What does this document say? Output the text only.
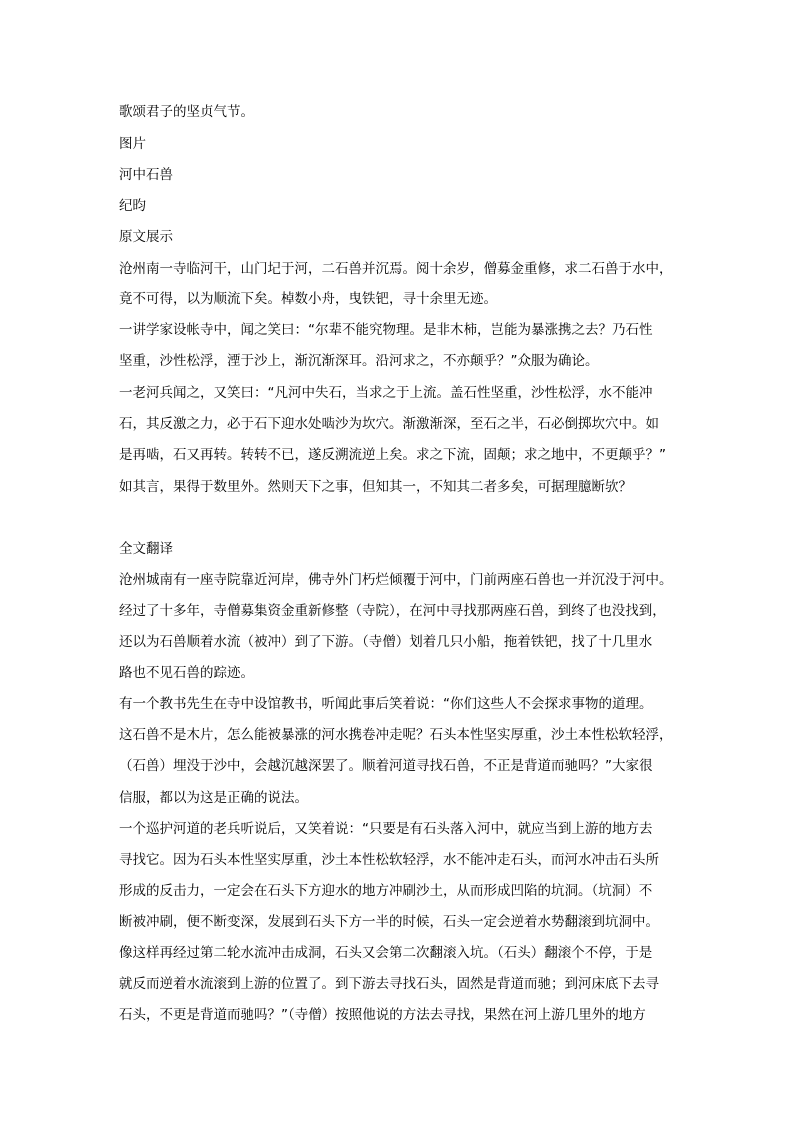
歌颂君子的坚贞气节。
图片
河中石兽
纪昀
原文展示
沧州南一寺临河干，山门圮于河，二石兽并沉焉。阅十余岁，僧募金重修，求二石兽于水中，
竟不可得，以为顺流下矣。棹数小舟，曳铁钯，寻十余里无迹。
一讲学家设帐寺中，闻之笑曰：“尔辈不能究物理。是非木柿，岂能为暴涨携之去？乃石性
坚重，沙性松浮，湮于沙上，渐沉渐深耳。沿河求之，不亦颠乎？”众服为确论。
一老河兵闻之，又笑曰：“凡河中失石，当求之于上流。盖石性坚重，沙性松浮，水不能冲
石，其反激之力，必于石下迎水处啮沙为坎穴。渐激渐深，至石之半，石必倒掷坎穴中。如
是再啮，石又再转。转转不已，遂反溯流逆上矣。求之下流，固颠；求之地中，不更颠乎？”
如其言，果得于数里外。然则天下之事，但知其一，不知其二者多矣，可据理臆断欤？
全文翻译
沧州城南有一座寺院靠近河岸，佛寺外门朽烂倾覆于河中，门前两座石兽也一并沉没于河中。
经过了十多年，寺僧募集资金重新修整（寺院），在河中寻找那两座石兽，到终了也没找到，
还以为石兽顺着水流（被冲）到了下游。（寺僧）划着几只小船，拖着铁钯，找了十几里水
路也不见石兽的踪迹。
有一个教书先生在寺中设馆教书，听闻此事后笑着说：“你们这些人不会探求事物的道理。
这石兽不是木片，怎么能被暴涨的河水携卷冲走呢？石头本性坚实厚重，沙土本性松软轻浮，
（石兽）埋没于沙中，会越沉越深罢了。顺着河道寻找石兽，不正是背道而驰吗？”大家很
信服，都以为这是正确的说法。
一个巡护河道的老兵听说后，又笑着说：“只要是有石头落入河中，就应当到上游的地方去
寻找它。因为石头本性坚实厚重，沙土本性松软轻浮，水不能冲走石头，而河水冲击石头所
形成的反击力，一定会在石头下方迎水的地方冲刷沙土，从而形成凹陷的坑洞。（坑洞）不
断被冲刷，便不断变深，发展到石头下方一半的时候，石头一定会逆着水势翻滚到坑洞中。
像这样再经过第二轮水流冲击成洞，石头又会第二次翻滚入坑。（石头）翻滚个不停，于是
就反而逆着水流滚到上游的位置了。到下游去寻找石头，固然是背道而驰；到河床底下去寻
石头，不更是背道而驰吗？”（寺僧）按照他说的方法去寻找，果然在河上游几里外的地方
